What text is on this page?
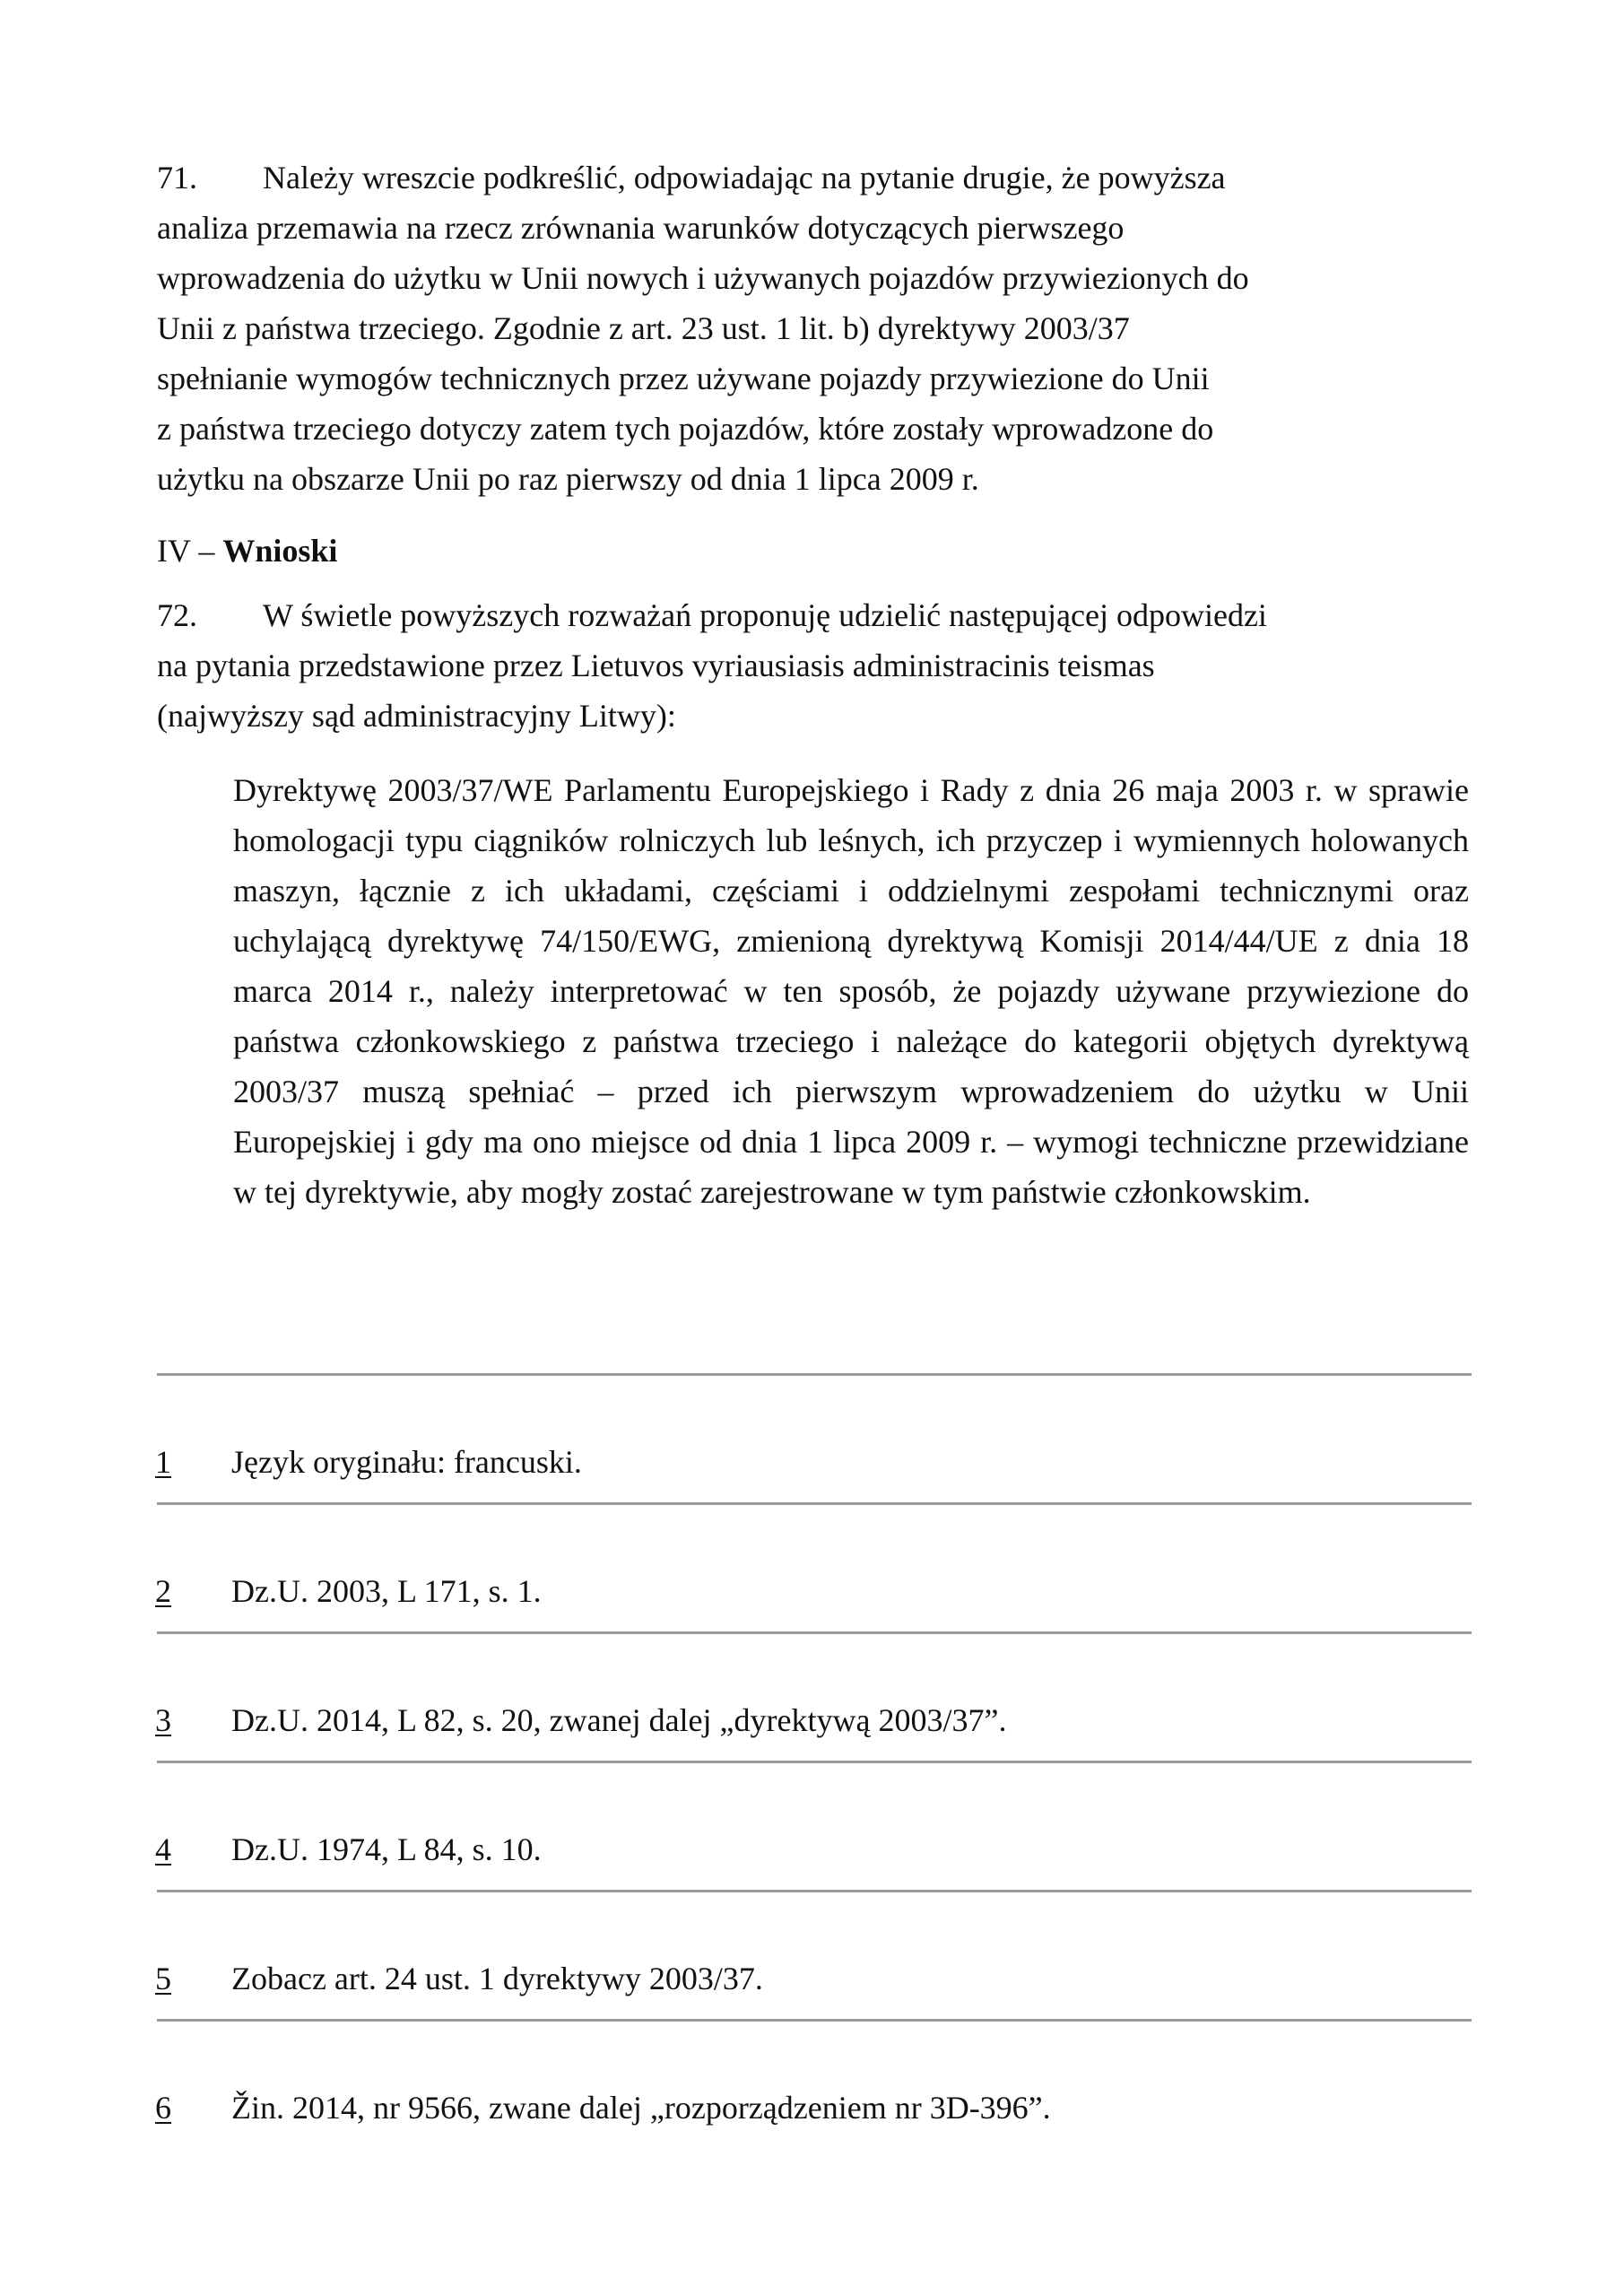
71. Należy wreszcie podkreślić, odpowiadając na pytanie drugie, że powyższa
analiza przemawia na rzecz zrównania warunków dotyczących pierwszego
wprowadzenia do użytku w Unii nowych i używanych pojazdów przywiezionych do
Unii z państwa trzeciego. Zgodnie z art. 23 ust. 1 lit. b) dyrektywy 2003/37
spełnianie wymogów technicznych przez używane pojazdy przywiezione do Unii
z państwa trzeciego dotyczy zatem tych pojazdów, które zostały wprowadzone do
użytku na obszarze Unii po raz pierwszy od dnia 1 lipca 2009 r.
IV – Wnioski
72. W świetle powyższych rozważań proponuję udzielić następującej odpowiedzi
na pytania przedstawione przez Lietuvos vyriausiasis administracinis teismas
(najwyższy sąd administracyjny Litwy):

Dyrektywę 2003/37/WE Parlamentu Europejskiego i Rady z dnia 26 maja 2003 r. w sprawie homologacji typu ciągników rolniczych lub leśnych, ich przyczep i wymiennych holowanych maszyn, łącznie z ich układami, częściami i oddzielnymi zespołami technicznymi oraz uchylającą dyrektywę 74/150/EWG, zmienioną dyrektywą Komisji 2014/44/UE z dnia 18 marca 2014 r., należy interpretować w ten sposób, że pojazdy używane przywiezione do państwa członkowskiego z państwa trzeciego i należące do kategorii objętych dyrektywą 2003/37 muszą spełniać – przed ich pierwszym wprowadzeniem do użytku w Unii Europejskiej i gdy ma ono miejsce od dnia 1 lipca 2009 r. – wymogi techniczne przewidziane w tej dyrektywie, aby mogły zostać zarejestrowane w tym państwie członkowskim.

1 Język oryginału: francuski.
2 Dz.U. 2003, L 171, s. 1.
3 Dz.U. 2014, L 82, s. 20, zwanej dalej „dyrektywą 2003/37”.
4 Dz.U. 1974, L 84, s. 10.
5 Zobacz art. 24 ust. 1 dyrektywy 2003/37.
6 Žin. 2014, nr 9566, zwane dalej „rozporządzeniem nr 3D-396”.
